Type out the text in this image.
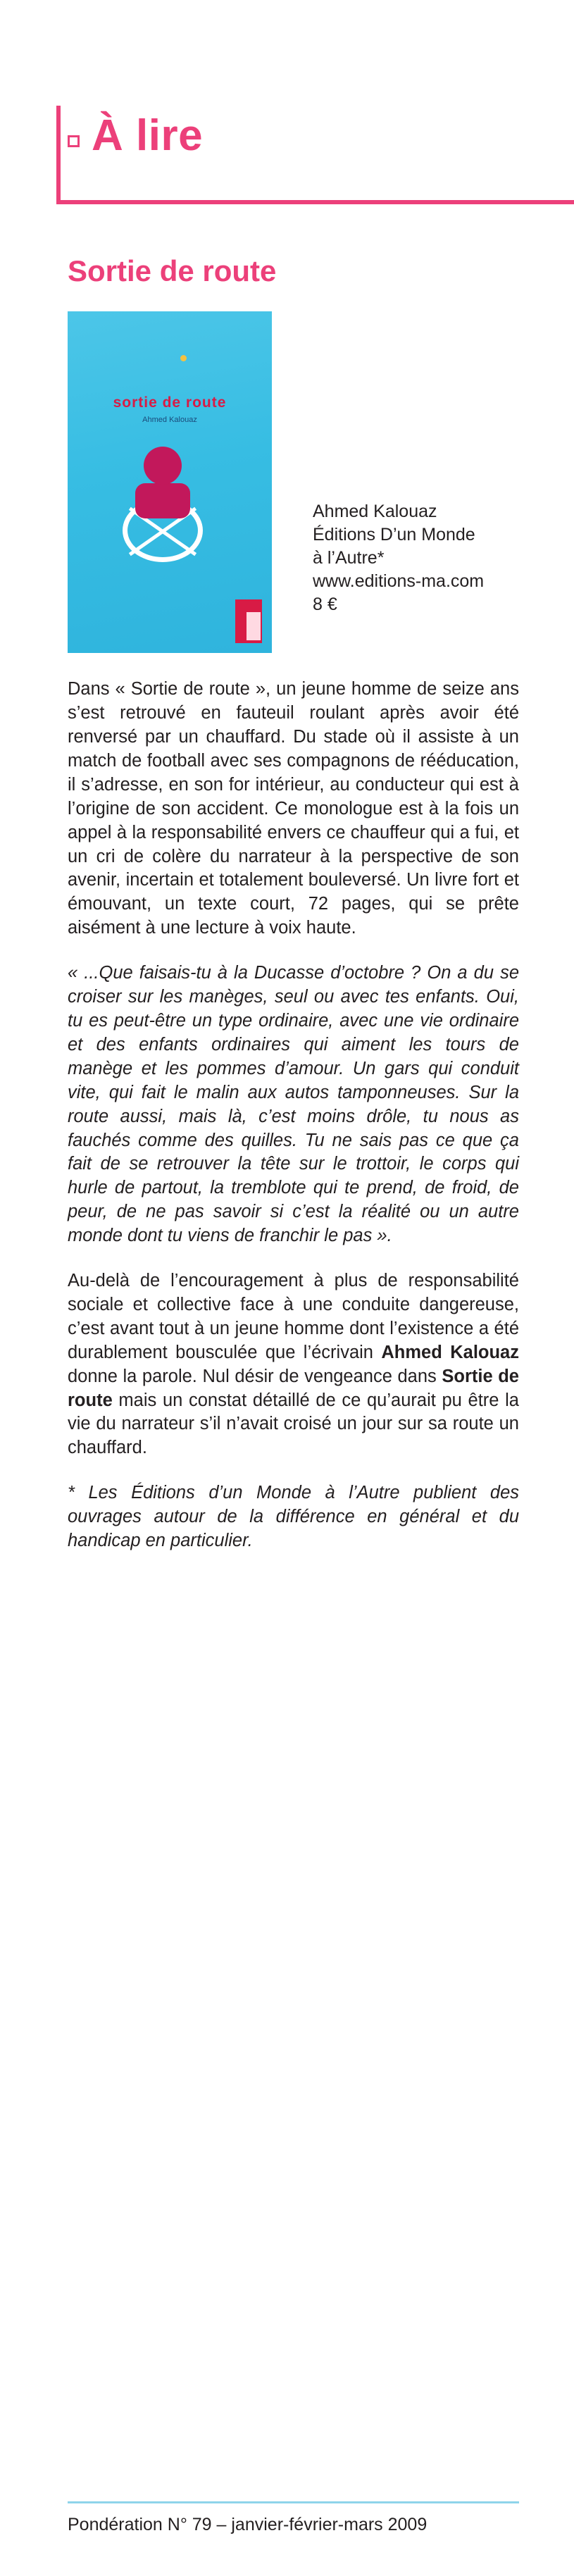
À lire
Sortie de route
sortie de route
Ahmed Kalouaz
Ahmed Kalouaz
Éditions D’un Monde
à l’Autre*
www.editions-ma.com
8 €

Dans « Sortie de route », un jeune homme de seize ans s’est retrouvé en fauteuil roulant après avoir été renversé par un chauffard. Du stade où il assiste à un match de football avec ses compagnons de rééducation, il s’adresse, en son for intérieur, au conducteur qui est à l’origine de son accident. Ce monologue est à la fois un appel à la responsabilité envers ce chauffeur qui a fui, et un cri de colère du narrateur à la perspective de son avenir, incertain et totalement bouleversé. Un livre fort et émouvant, un texte court, 72 pages, qui se prête aisément à une lecture à voix haute.

« ...Que faisais-tu à la Ducasse d’octobre ? On a du se croiser sur les manèges, seul ou avec tes enfants. Oui, tu es peut-être un type ordinaire, avec une vie ordinaire et des enfants ordinaires qui aiment les tours de manège et les pommes d’amour. Un gars qui conduit vite, qui fait le malin aux autos tamponneuses. Sur la route aussi, mais là, c’est moins drôle, tu nous as fauchés comme des quilles. Tu ne sais pas ce que ça fait de se retrouver la tête sur le trottoir, le corps qui hurle de partout, la tremblote qui te prend, de froid, de peur, de ne pas savoir si c’est la réalité ou un autre monde dont tu viens de franchir le pas ».

Au-delà de l’encouragement à plus de responsabilité sociale et collective face à une conduite dangereuse, c’est avant tout à un jeune homme dont l’existence a été durablement bousculée que l’écrivain Ahmed Kalouaz donne la parole. Nul désir de vengeance dans Sortie de route mais un constat détaillé de ce qu’aurait pu être la vie du narrateur s’il n’avait croisé un jour sur sa route un chauffard.

* Les Éditions d’un Monde à l’Autre publient des ouvrages autour de la différence en général et du handicap en particulier.

Pondération N° 79 – janvier-février-mars 2009
